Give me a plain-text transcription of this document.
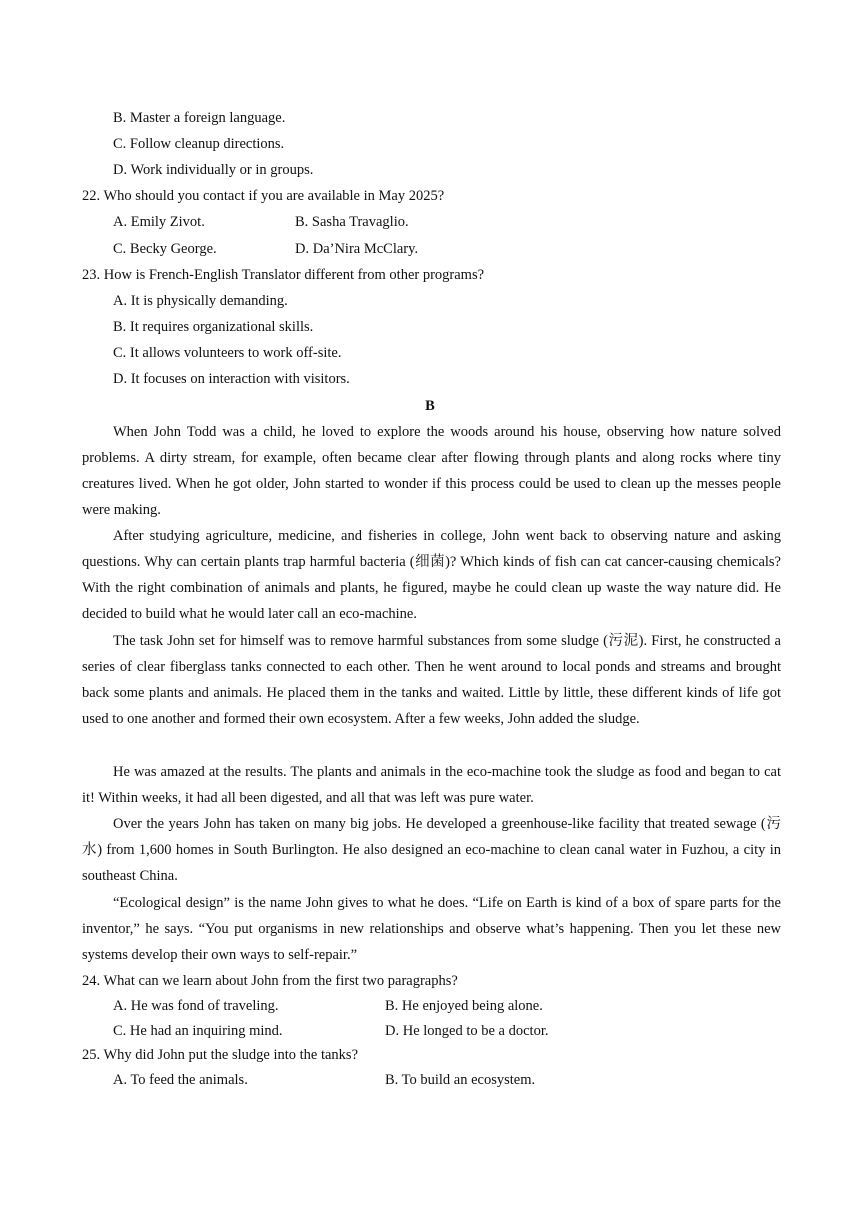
B. Master a foreign language.
C. Follow cleanup directions.
D. Work individually or in groups.
22. Who should you contact if you are available in May 2025?
A. Emily Zivot.	B. Sasha Travaglio.
C. Becky George.	D. Da’Nira McClary.
23. How is French-English Translator different from other programs?
A. It is physically demanding.
B. It requires organizational skills.
C. It allows volunteers to work off-site.
D. It focuses on interaction with visitors.
B
When John Todd was a child, he loved to explore the woods around his house, observing how nature solved problems. A dirty stream, for example, often became clear after flowing through plants and along rocks where tiny creatures lived. When he got older, John started to wonder if this process could be used to clean up the messes people were making.
After studying agriculture, medicine, and fisheries in college, John went back to observing nature and asking questions. Why can certain plants trap harmful bacteria (细菌)? Which kinds of fish can cat cancer-causing chemicals? With the right combination of animals and plants, he figured, maybe he could clean up waste the way nature did. He decided to build what he would later call an eco-machine.
The task John set for himself was to remove harmful substances from some sludge (污泥). First, he constructed a series of clear fiberglass tanks connected to each other. Then he went around to local ponds and streams and brought back some plants and animals. He placed them in the tanks and waited. Little by little, these different kinds of life got used to one another and formed their own ecosystem. After a few weeks, John added the sludge.
He was amazed at the results. The plants and animals in the eco-machine took the sludge as food and began to cat it! Within weeks, it had all been digested, and all that was left was pure water.
Over the years John has taken on many big jobs. He developed a greenhouse-like facility that treated sewage (污水) from 1,600 homes in South Burlington. He also designed an eco-machine to clean canal water in Fuzhou, a city in southeast China.
“Ecological design” is the name John gives to what he does. “Life on Earth is kind of a box of spare parts for the inventor,” he says. “You put organisms in new relationships and observe what’s happening. Then you let these new systems develop their own ways to self-repair.”
24. What can we learn about John from the first two paragraphs?
A. He was fond of traveling.	B. He enjoyed being alone.
C. He had an inquiring mind.	D. He longed to be a doctor.
25. Why did John put the sludge into the tanks?
A. To feed the animals.	B. To build an ecosystem.
